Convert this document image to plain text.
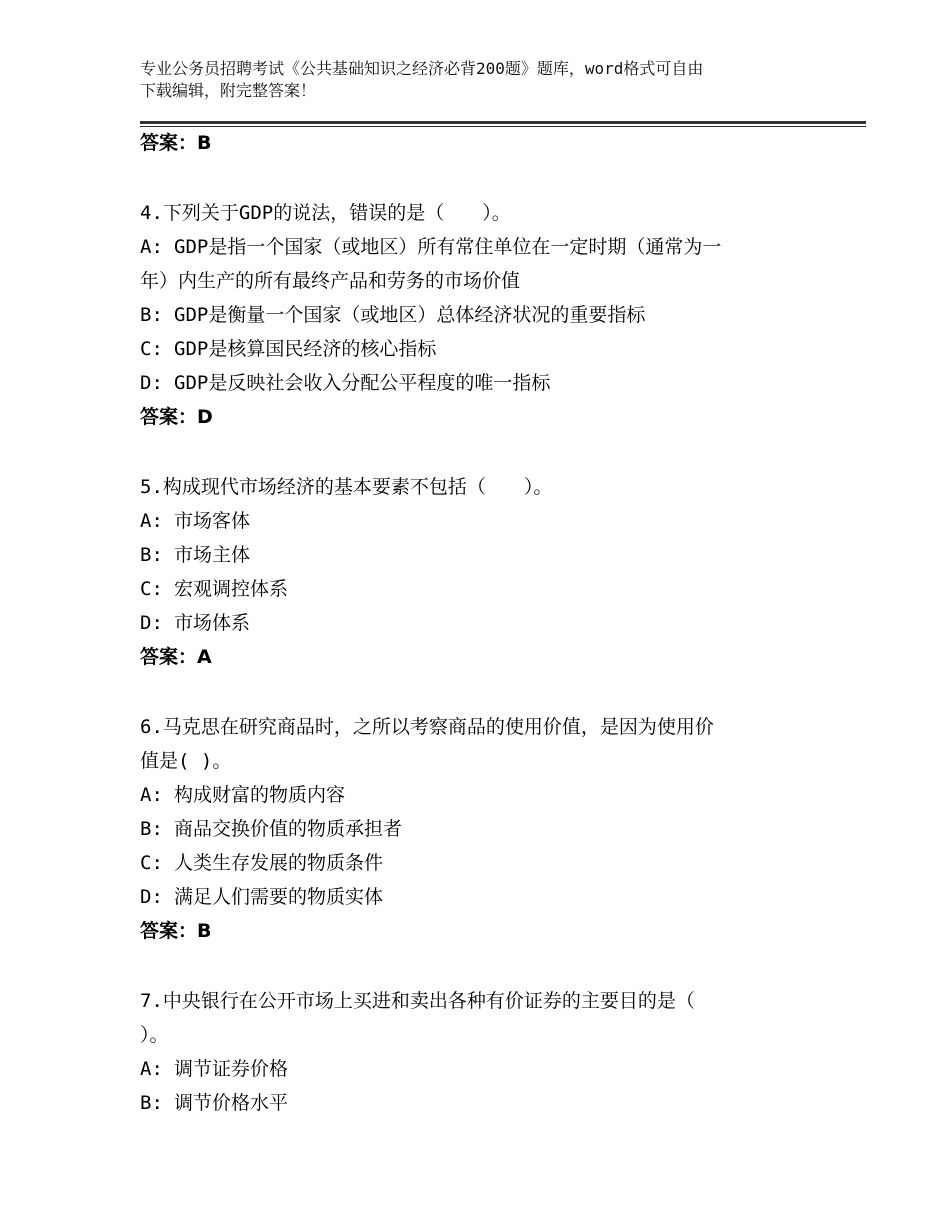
专业公务员招聘考试《公共基础知识之经济必背200题》题库，word格式可自由
下载编辑，附完整答案！
答案：B
4.下列关于GDP的说法，错误的是（　　）。
A: GDP是指一个国家（或地区）所有常住单位在一定时期（通常为一
年）内生产的所有最终产品和劳务的市场价值
B: GDP是衡量一个国家（或地区）总体经济状况的重要指标
C: GDP是核算国民经济的核心指标
D: GDP是反映社会收入分配公平程度的唯一指标
答案：D
5.构成现代市场经济的基本要素不包括（　　）。
A: 市场客体
B: 市场主体
C: 宏观调控体系
D: 市场体系
答案：A
6.马克思在研究商品时，之所以考察商品的使用价值，是因为使用价
值是( )。
A: 构成财富的物质内容
B: 商品交换价值的物质承担者
C: 人类生存发展的物质条件
D: 满足人们需要的物质实体
答案：B
7.中央银行在公开市场上买进和卖出各种有价证券的主要目的是（
）。
A: 调节证券价格
B: 调节价格水平
